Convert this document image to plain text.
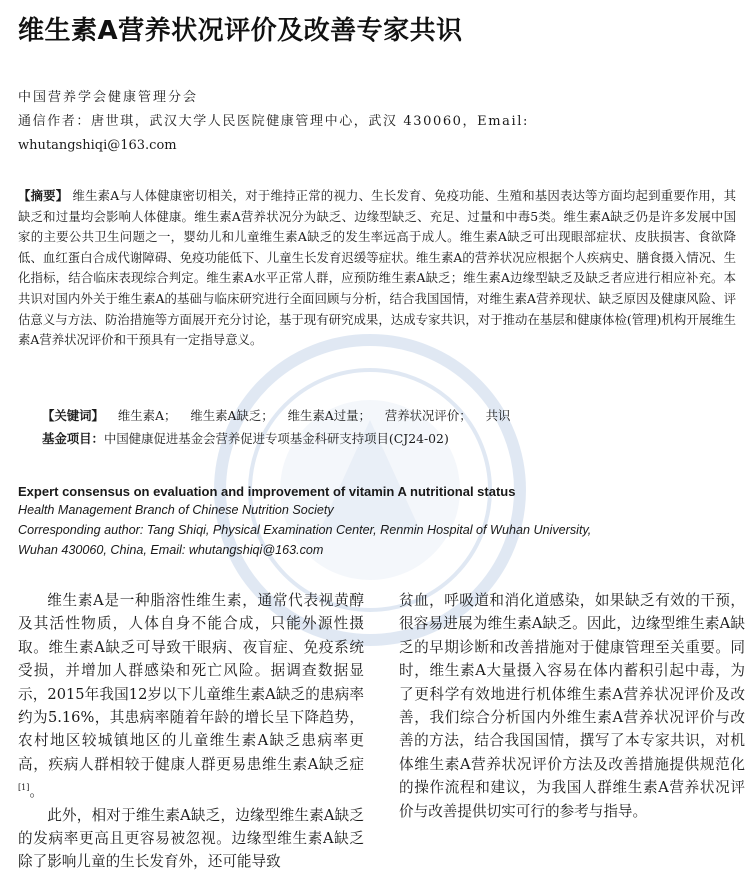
维生素A营养状况评价及改善专家共识
中国营养学会健康管理分会
通信作者：唐世琪，武汉大学人民医院健康管理中心，武汉 430060，Email:
whutangshiqi@163.com
【摘要】 维生素A与人体健康密切相关，对于维持正常的视力、生长发育、免疫功能、生殖和基因表达等方面均起到重要作用，其缺乏和过量均会影响人体健康。维生素A营养状况分为缺乏、边缘型缺乏、充足、过量和中毒5类。维生素A缺乏仍是许多发展中国家的主要公共卫生问题之一，婴幼儿和儿童维生素A缺乏的发生率远高于成人。维生素A缺乏可出现眼部症状、皮肤损害、食欲降低、血红蛋白合成代谢障碍、免疫功能低下、儿童生长发育迟缓等症状。维生素A的营养状况应根据个人疾病史、膳食摄入情况、生化指标，结合临床表现综合判定。维生素A水平正常人群，应预防维生素A缺乏；维生素A边缘型缺乏及缺乏者应进行相应补充。本共识对国内外关于维生素A的基础与临床研究进行全面回顾与分析，结合我国国情，对维生素A营养现状、缺乏原因及健康风险、评估意义与方法、防治措施等方面展开充分讨论，基于现有研究成果，达成专家共识，对于推动在基层和健康体检(管理)机构开展维生素A营养状况评价和干预具有一定指导意义。
【关键词】 维生素A； 维生素A缺乏； 维生素A过量； 营养状况评价； 共识
基金项目：中国健康促进基金会营养促进专项基金科研支持项目(CJ24-02)
Expert consensus on evaluation and improvement of vitamin A nutritional status
Health Management Branch of Chinese Nutrition Society
Corresponding author: Tang Shiqi, Physical Examination Center, Renmin Hospital of Wuhan University,
Wuhan 430060, China, Email: whutangshiqi@163.com

维生素A是一种脂溶性维生素，通常代表视黄醇及其活性物质，人体自身不能合成，只能外源性摄取。维生素A缺乏可导致干眼病、夜盲症、免疫系统受损，并增加人群感染和死亡风险。据调查数据显示，2015年我国12岁以下儿童维生素A缺乏的患病率约为5.16%，其患病率随着年龄的增长呈下降趋势，农村地区较城镇地区的儿童维生素A缺乏患病率更高，疾病人群相较于健康人群更易患维生素A缺乏症[1]。

此外，相对于维生素A缺乏，边缘型维生素A缺乏的发病率更高且更容易被忽视。边缘型维生素A缺乏除了影响儿童的生长发育外，还可能导致

贫血，呼吸道和消化道感染，如果缺乏有效的干预，很容易进展为维生素A缺乏。因此，边缘型维生素A缺乏的早期诊断和改善措施对于健康管理至关重要。同时，维生素A大量摄入容易在体内蓄积引起中毒，为了更科学有效地进行机体维生素A营养状况评价及改善，我们综合分析国内外维生素A营养状况评价与改善的方法，结合我国国情，撰写了本专家共识，对机体维生素A营养状况评价方法及改善措施提供规范化的操作流程和建议，为我国人群维生素A营养状况评价与改善提供切实可行的参考与指导。
